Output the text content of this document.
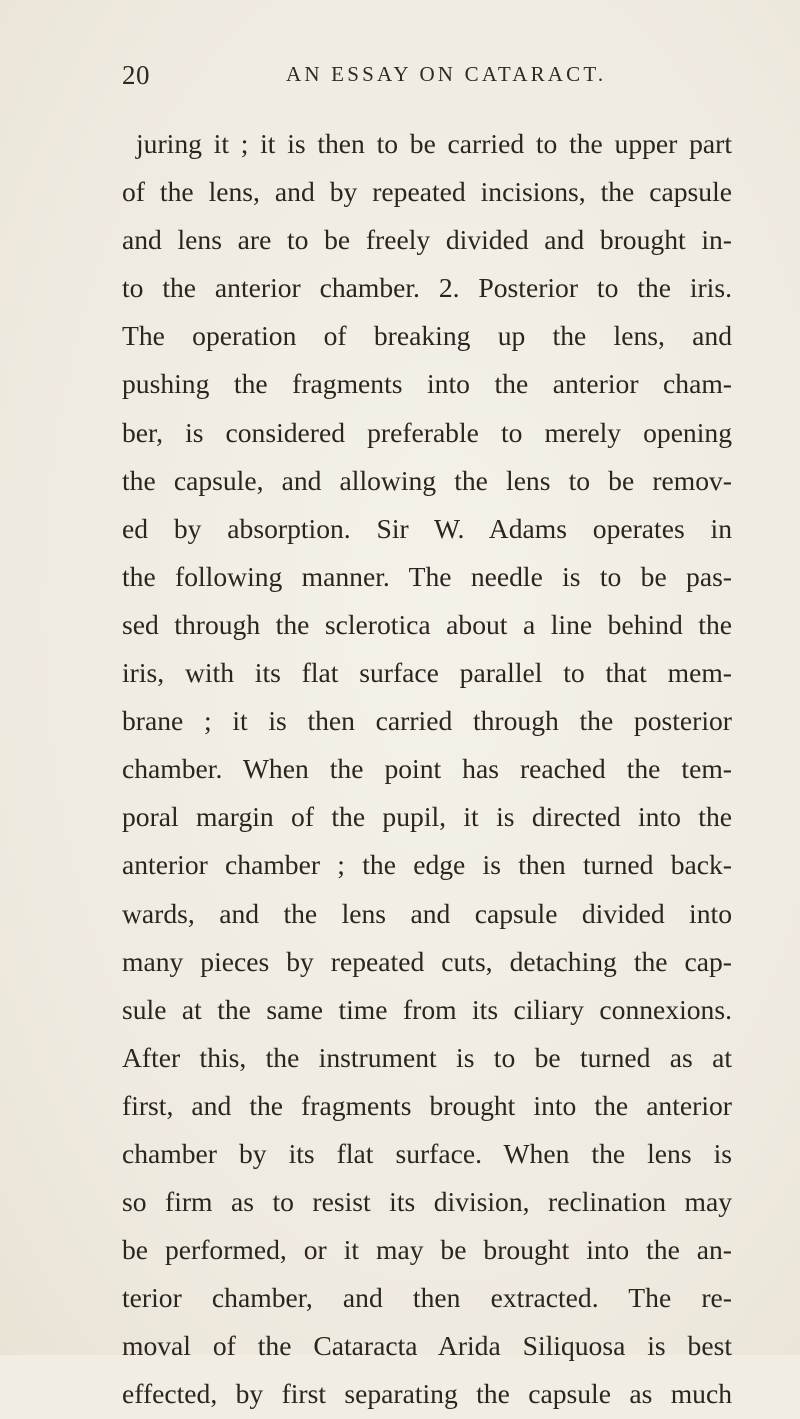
20	AN ESSAY ON CATARACT.
juring it ; it is then to be carried to the upper part
of the lens, and by repeated incisions, the capsule
and lens are to be freely divided and brought in-
to the anterior chamber. 2. Posterior to the iris.
The operation of breaking up the lens, and
pushing the fragments into the anterior cham-
ber, is considered preferable to merely opening
the capsule, and allowing the lens to be remov-
ed by absorption. Sir W. Adams operates in
the following manner. The needle is to be pas-
sed through the sclerotica about a line behind the
iris, with its flat surface parallel to that mem-
brane ; it is then carried through the posterior
chamber. When the point has reached the tem-
poral margin of the pupil, it is directed into the
anterior chamber ; the edge is then turned back-
wards, and the lens and capsule divided into
many pieces by repeated cuts, detaching the cap-
sule at the same time from its ciliary connexions.
After this, the instrument is to be turned as at
first, and the fragments brought into the anterior
chamber by its flat surface. When the lens is
so firm as to resist its division, reclination may
be performed, or it may be brought into the an-
terior chamber, and then extracted. The re-
moval of the Cataracta Arida Siliquosa is best
effected, by first separating the capsule as much
